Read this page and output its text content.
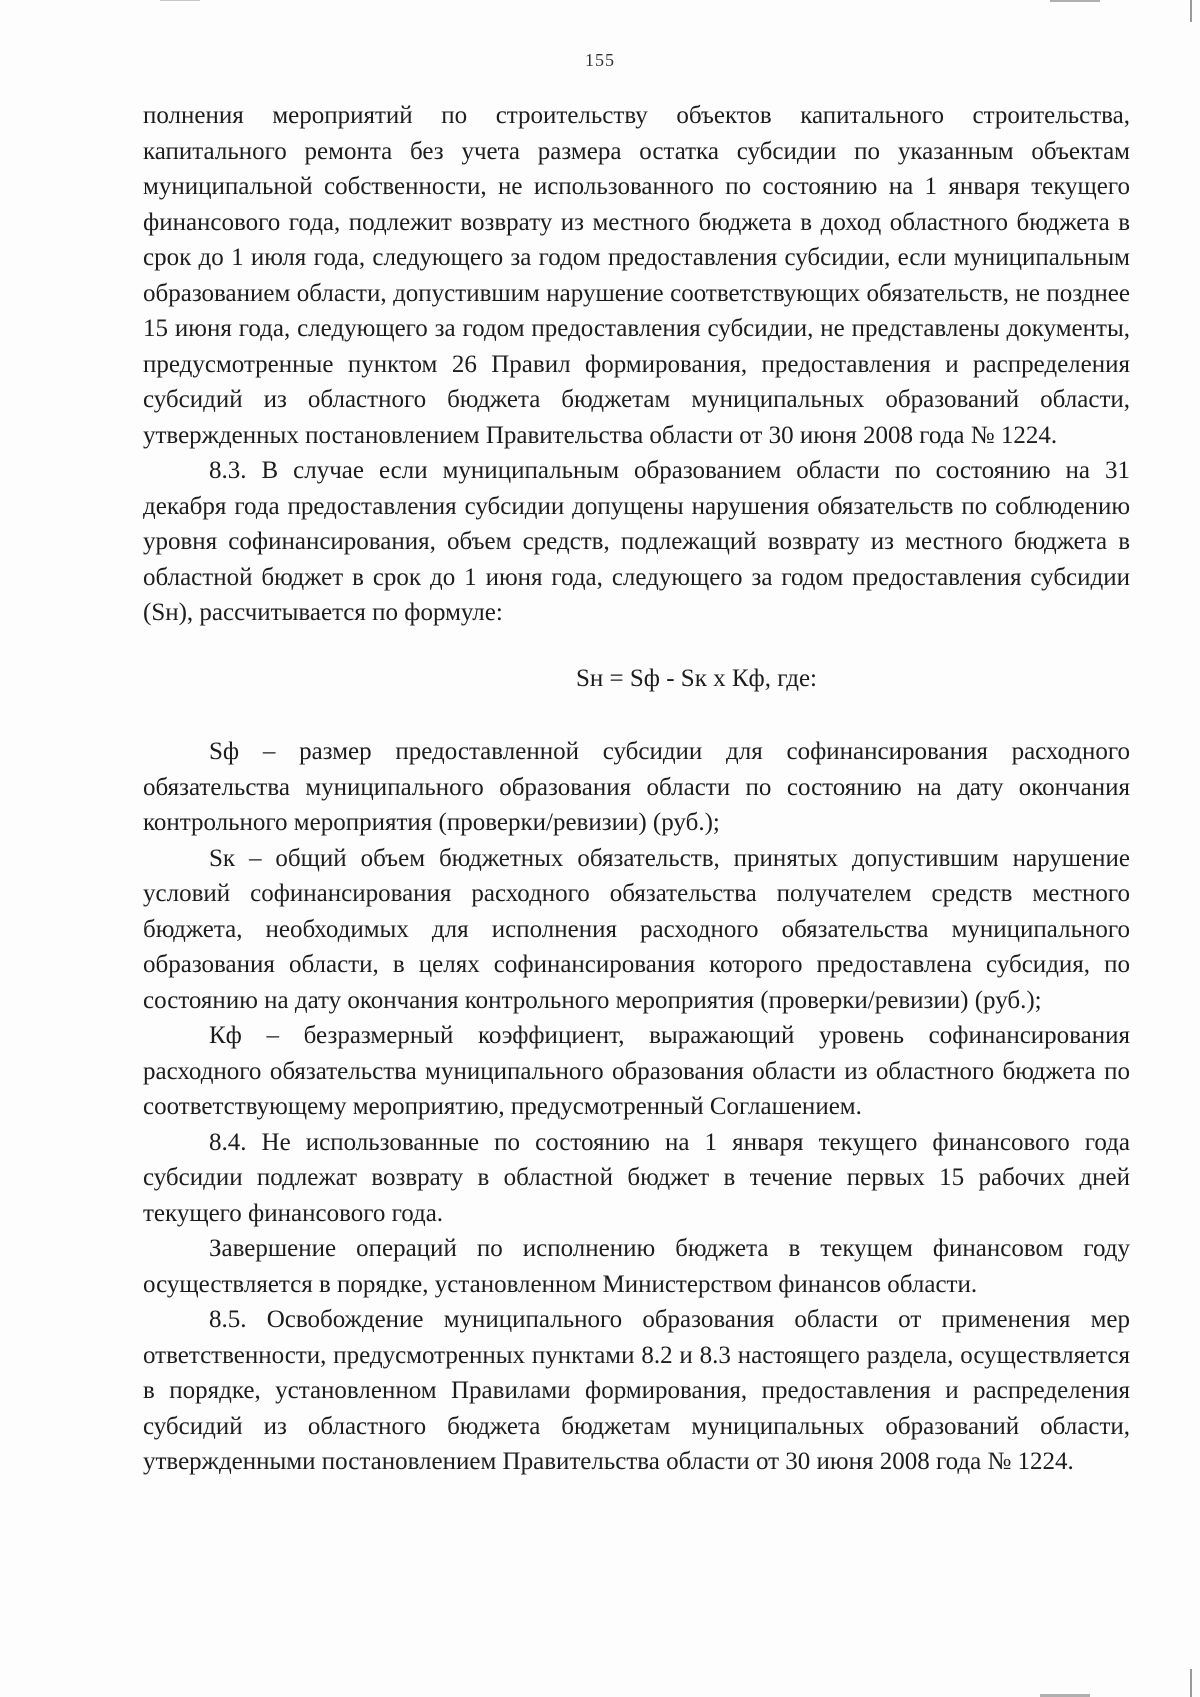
155

полнения мероприятий по строительству объектов капитального строительства, капитального ремонта без учета размера остатка субсидии по указанным объектам муниципальной собственности, не использованного по состоянию на 1 января текущего финансового года, подлежит возврату из местного бюджета в доход областного бюджета в срок до 1 июля года, следующего за годом предоставления субсидии, если муниципальным образованием области, допустившим нарушение соответствующих обязательств, не позднее 15 июня года, следующего за годом предоставления субсидии, не представлены документы, предусмотренные пунктом 26 Правил формирования, предоставления и распределения субсидий из областного бюджета бюджетам муниципальных образований области, утвержденных постановлением Правительства области от 30 июня 2008 года № 1224.

8.3. В случае если муниципальным образованием области по состоянию на 31 декабря года предоставления субсидии допущены нарушения обязательств по соблюдению уровня софинансирования, объем средств, подлежащий возврату из местного бюджета в областной бюджет в срок до 1 июня года, следующего за годом предоставления субсидии (Sн), рассчитывается по формуле:

Sн = Sф - Sк x Кф, где:

Sф – размер предоставленной субсидии для софинансирования расходного обязательства муниципального образования области по состоянию на дату окончания контрольного мероприятия (проверки/ревизии) (руб.);

Sк – общий объем бюджетных обязательств, принятых допустившим нарушение условий софинансирования расходного обязательства получателем средств местного бюджета, необходимых для исполнения расходного обязательства муниципального образования области, в целях софинансирования которого предоставлена субсидия, по состоянию на дату окончания контрольного мероприятия (проверки/ревизии) (руб.);

Кф – безразмерный коэффициент, выражающий уровень софинансирования расходного обязательства муниципального образования области из областного бюджета по соответствующему мероприятию, предусмотренный Соглашением.

8.4. Не использованные по состоянию на 1 января текущего финансового года субсидии подлежат возврату в областной бюджет в течение первых 15 рабочих дней текущего финансового года.

Завершение операций по исполнению бюджета в текущем финансовом году осуществляется в порядке, установленном Министерством финансов области.

8.5. Освобождение муниципального образования области от применения мер ответственности, предусмотренных пунктами 8.2 и 8.3 настоящего раздела, осуществляется в порядке, установленном Правилами формирования, предоставления и распределения субсидий из областного бюджета бюджетам муниципальных образований области, утвержденными постановлением Правительства области от 30 июня 2008 года № 1224.
